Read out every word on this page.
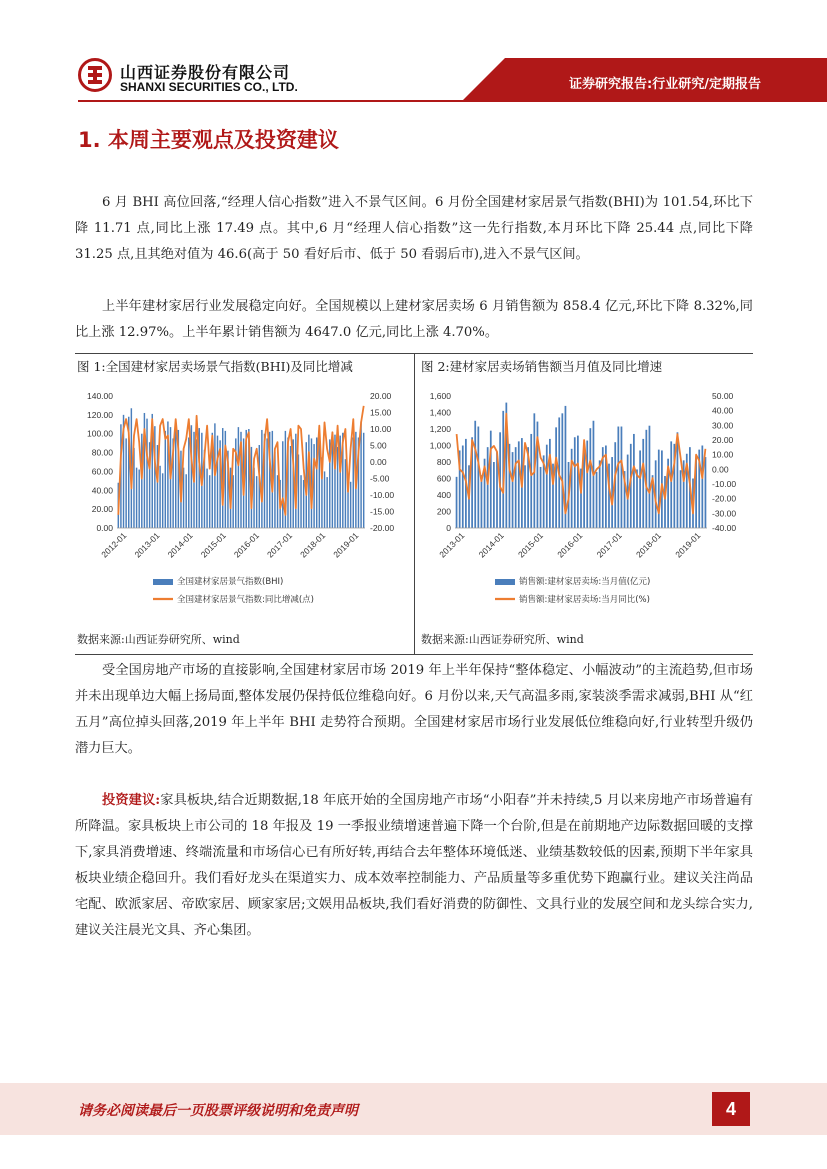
山西证券股份有限公司
SHANXI SECURITIES CO., LTD.	证券研究报告:行业研究/定期报告
1. 本周主要观点及投资建议

6 月 BHI 高位回落,“经理人信心指数”进入不景气区间。6 月份全国建材家居景气指数(BHI)为 101.54,环比下降 11.71 点,同比上涨 17.49 点。其中,6 月“经理人信心指数”这一先行指数,本月环比下降 25.44 点,同比下降 31.25 点,且其绝对值为 46.6(高于 50 看好后市、低于 50 看弱后市),进入不景气区间。

上半年建材家居行业发展稳定向好。全国规模以上建材家居卖场 6 月销售额为 858.4 亿元,环比下降 8.32%,同比上涨 12.97%。上半年累计销售额为 4647.0 亿元,同比上涨 4.70%。

图 1:全国建材家居卖场景气指数(BHI)及同比增减	图 2:建材家居卖场销售额当月值及同比增速
0.00
20.00
40.00
60.00
80.00
100.00
120.00
140.00
-20.00
-15.00
-10.00
-5.00
0.00
5.00
10.00
15.00
20.00
2012-01 2013-01 2014-01 2015-01 2016-01 2017-01 2018-01 2019-01
全国建材家居景气指数(BHI)
全国建材家居景气指数:同比增减(点)
0
200
400
600
800
1,000
1,200
1,400
1,600
-40.00
-30.00
-20.00
-10.00
0.00
10.00
20.00
30.00
40.00
50.00
2013-01 2014-01 2015-01 2016-01 2017-01 2018-01 2019-01
销售额:建材家居卖场:当月值(亿元)
销售额:建材家居卖场:当月同比(%)
数据来源:山西证券研究所、wind	数据来源:山西证券研究所、wind

受全国房地产市场的直接影响,全国建材家居市场 2019 年上半年保持“整体稳定、小幅波动”的主流趋势,但市场并未出现单边大幅上扬局面,整体发展仍保持低位维稳向好。6 月份以来,天气高温多雨,家装淡季需求减弱,BHI 从“红五月”高位掉头回落,2019 年上半年 BHI 走势符合预期。全国建材家居市场行业发展低位维稳向好,行业转型升级仍潜力巨大。

投资建议:家具板块,结合近期数据,18 年底开始的全国房地产市场“小阳春”并未持续,5 月以来房地产市场普遍有所降温。家具板块上市公司的 18 年报及 19 一季报业绩增速普遍下降一个台阶,但是在前期地产边际数据回暖的支撑下,家具消费增速、终端流量和市场信心已有所好转,再结合去年整体环境低迷、业绩基数较低的因素,预期下半年家具板块业绩企稳回升。我们看好龙头在渠道实力、成本效率控制能力、产品质量等多重优势下跑赢行业。建议关注尚品宅配、欧派家居、帝欧家居、顾家家居;文娱用品板块,我们看好消费的防御性、文具行业的发展空间和龙头综合实力,建议关注晨光文具、齐心集团。

请务必阅读最后一页股票评级说明和免责声明	4
